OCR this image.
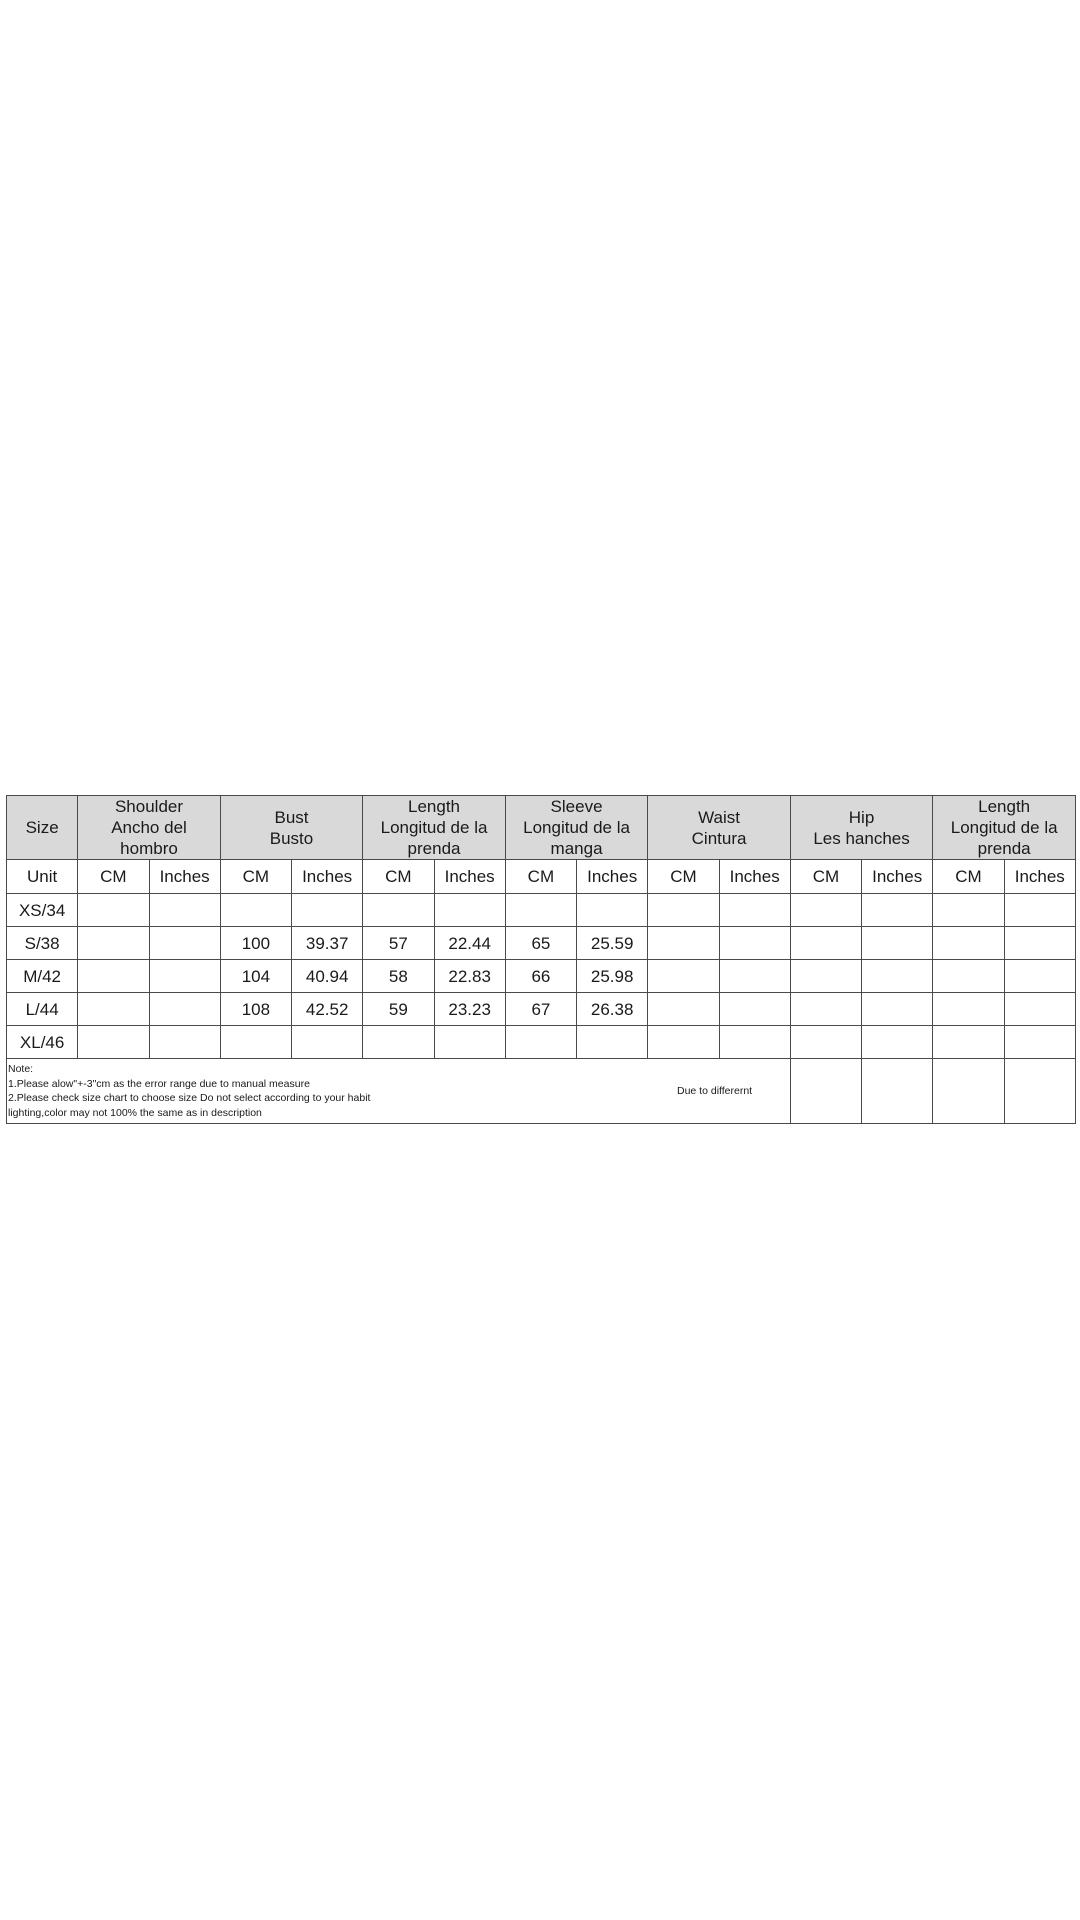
Size	Shoulder
Ancho del
hombro		Bust
Busto		Length
Longitud de la
prenda		Sleeve
Longitud de la
manga		Waist
Cintura		Hip
Les hanches		Length
Longitud de la
prenda	

Unit	CM	Inches	CM	Inches	CM	Inches	CM	Inches	CM	Inches	CM	Inches	CM	Inches
XS/34														
S/38			100	39.37	57	22.44	65	25.59						
M/42			104	40.94	58	22.83	66	25.98						
L/44			108	42.52	59	23.23	67	26.38						
XL/46														

Note:
1.Please alow"+-3"cm as the error range due to manual measure
2.Please check size chart to choose size Do not select according to your habit
lighting,color may not 100% the same as in description
Due to differernt														
